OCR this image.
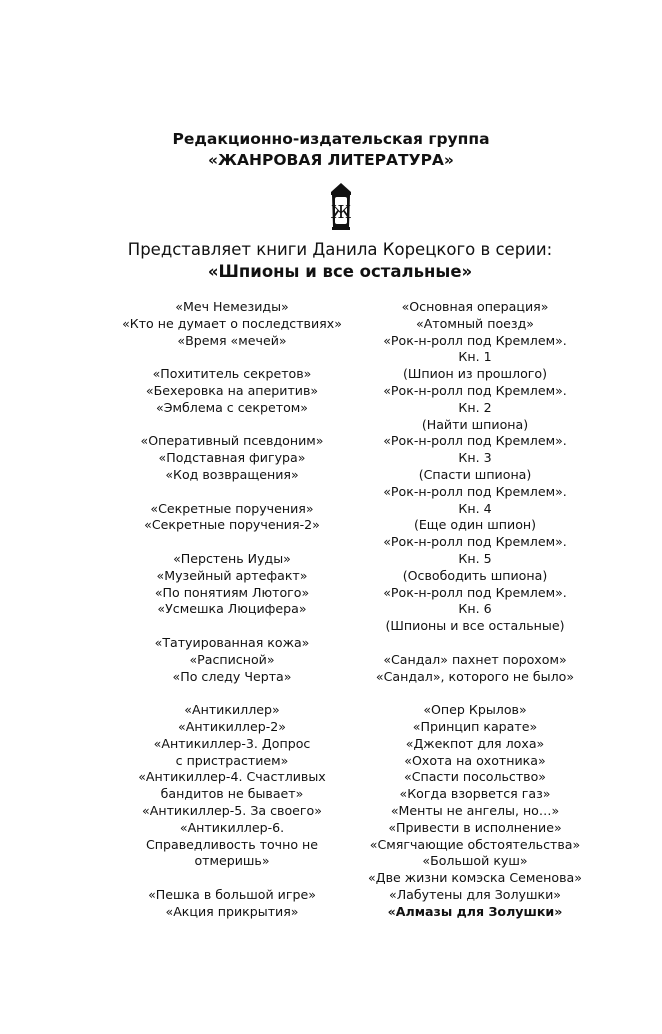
Редакционно-издательская группа
«ЖАНРОВАЯ ЛИТЕРАТУРА»
Ж
Представляет книги Данила Корецкого в серии:
«Шпионы и все остальные»
«Меч Немезиды»
«Кто не думает о последствиях»
«Время «мечей»
«Похититель секретов»
«Бехеровка на аперитив»
«Эмблема с секретом»
«Оперативный псевдоним»
«Подставная фигура»
«Код возвращения»
«Секретные поручения»
«Секретные поручения-2»
«Перстень Иуды»
«Музейный артефакт»
«По понятиям Лютого»
«Усмешка Люцифера»
«Татуированная кожа»
«Расписной»
«По следу Черта»
«Антикиллер»
«Антикиллер-2»
«Антикиллер-3. Допрос
с пристрастием»
«Антикиллер-4. Счастливых
бандитов не бывает»
«Антикиллер-5. За своего»
«Антикиллер-6.
Справедливость точно не
отмеришь»
«Пешка в большой игре»
«Акция прикрытия»
«Основная операция»
«Атомный поезд»
«Рок-н-ролл под Кремлем».
Кн. 1
(Шпион из прошлого)
«Рок-н-ролл под Кремлем».
Кн. 2
(Найти шпиона)
«Рок-н-ролл под Кремлем».
Кн. 3
(Спасти шпиона)
«Рок-н-ролл под Кремлем».
Кн. 4
(Еще один шпион)
«Рок-н-ролл под Кремлем».
Кн. 5
(Освободить шпиона)
«Рок-н-ролл под Кремлем».
Кн. 6
(Шпионы и все остальные)
«Сандал» пахнет порохом»
«Сандал», которого не было»
«Опер Крылов»
«Принцип карате»
«Джекпот для лоха»
«Охота на охотника»
«Спасти посольство»
«Когда взорвется газ»
«Менты не ангелы, но…»
«Привести в исполнение»
«Смягчающие обстоятельства»
«Большой куш»
«Две жизни комэска Семенова»
«Лабутены для Золушки»
«Алмазы для Золушки»
